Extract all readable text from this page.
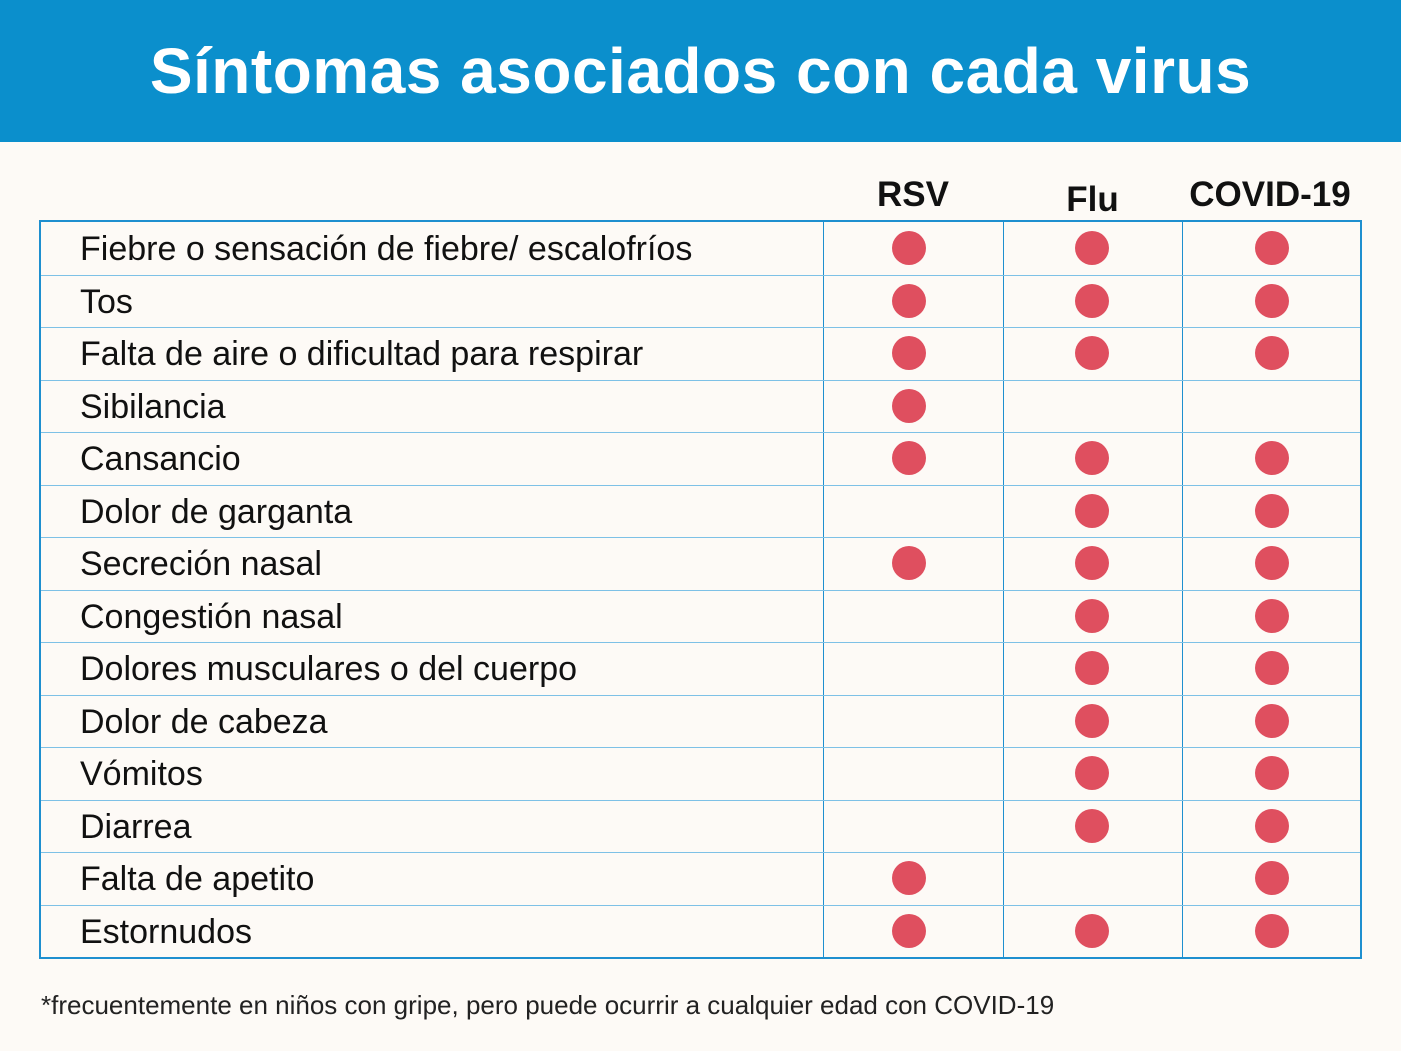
Síntomas asociados con cada virus
RSV	Flu	COVID-19
Fiebre o sensación de fiebre/ escalofríos
Tos
Falta de aire o dificultad para respirar
Sibilancia
Cansancio
Dolor de garganta
Secreción nasal
Congestión nasal
Dolores musculares o del cuerpo
Dolor de cabeza
Vómitos
Diarrea
Falta de apetito
Estornudos
*frecuentemente en niños con gripe, pero puede ocurrir a cualquier edad con COVID-19
